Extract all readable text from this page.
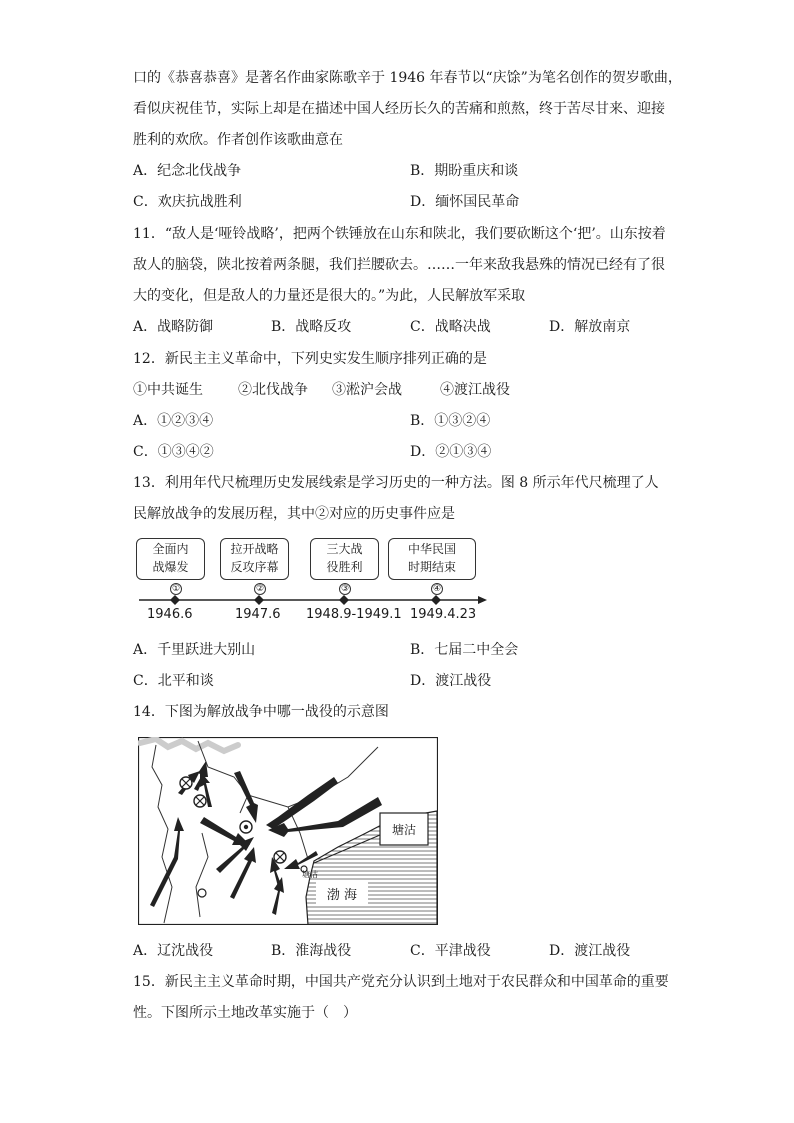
口的《恭喜恭喜》是著名作曲家陈歌辛于 1946 年春节以“庆馀”为笔名创作的贺岁歌曲，
看似庆祝佳节，实际上却是在描述中国人经历长久的苦痛和煎熬，终于苦尽甘来、迎接
胜利的欢欣。作者创作该歌曲意在
A．纪念北伐战争	B．期盼重庆和谈
C．欢庆抗战胜利	D．缅怀国民革命
11．“敌人是‘哑铃战略’，把两个铁锤放在山东和陕北，我们要砍断这个‘把’。山东按着
敌人的脑袋，陕北按着两条腿，我们拦腰砍去。……一年来敌我悬殊的情况已经有了很
大的变化，但是敌人的力量还是很大的。”为此，人民解放军采取
A．战略防御	B．战略反攻	C．战略决战	D．解放南京
12．新民主主义革命中，下列史实发生顺序排列正确的是
①中共诞生	②北伐战争 ③淞沪会战	④渡江战役
A．①②③④	B．①③②④
C．①③④②	D．②①③④
13．利用年代尺梳理历史发展线索是学习历史的一种方法。图 8 所示年代尺梳理了人
民解放战争的发展历程，其中②对应的历史事件应是
全面内
战爆发
拉开战略
反攻序幕
三大战
役胜利
中华民国
时期结束
①	②	③	④
1946.6	1947.6 1948.9-1949.1 1949.4.23
A．千里跃进大别山	B．七届二中全会
C．北平和谈	D．渡江战役
14．下图为解放战争中哪一战役的示意图
塘沽
塘沽
渤 海
A．辽沈战役	B．淮海战役	C．平津战役	D．渡江战役
15．新民主主义革命时期，中国共产党充分认识到土地对于农民群众和中国革命的重要
性。下图所示土地改革实施于（　）
